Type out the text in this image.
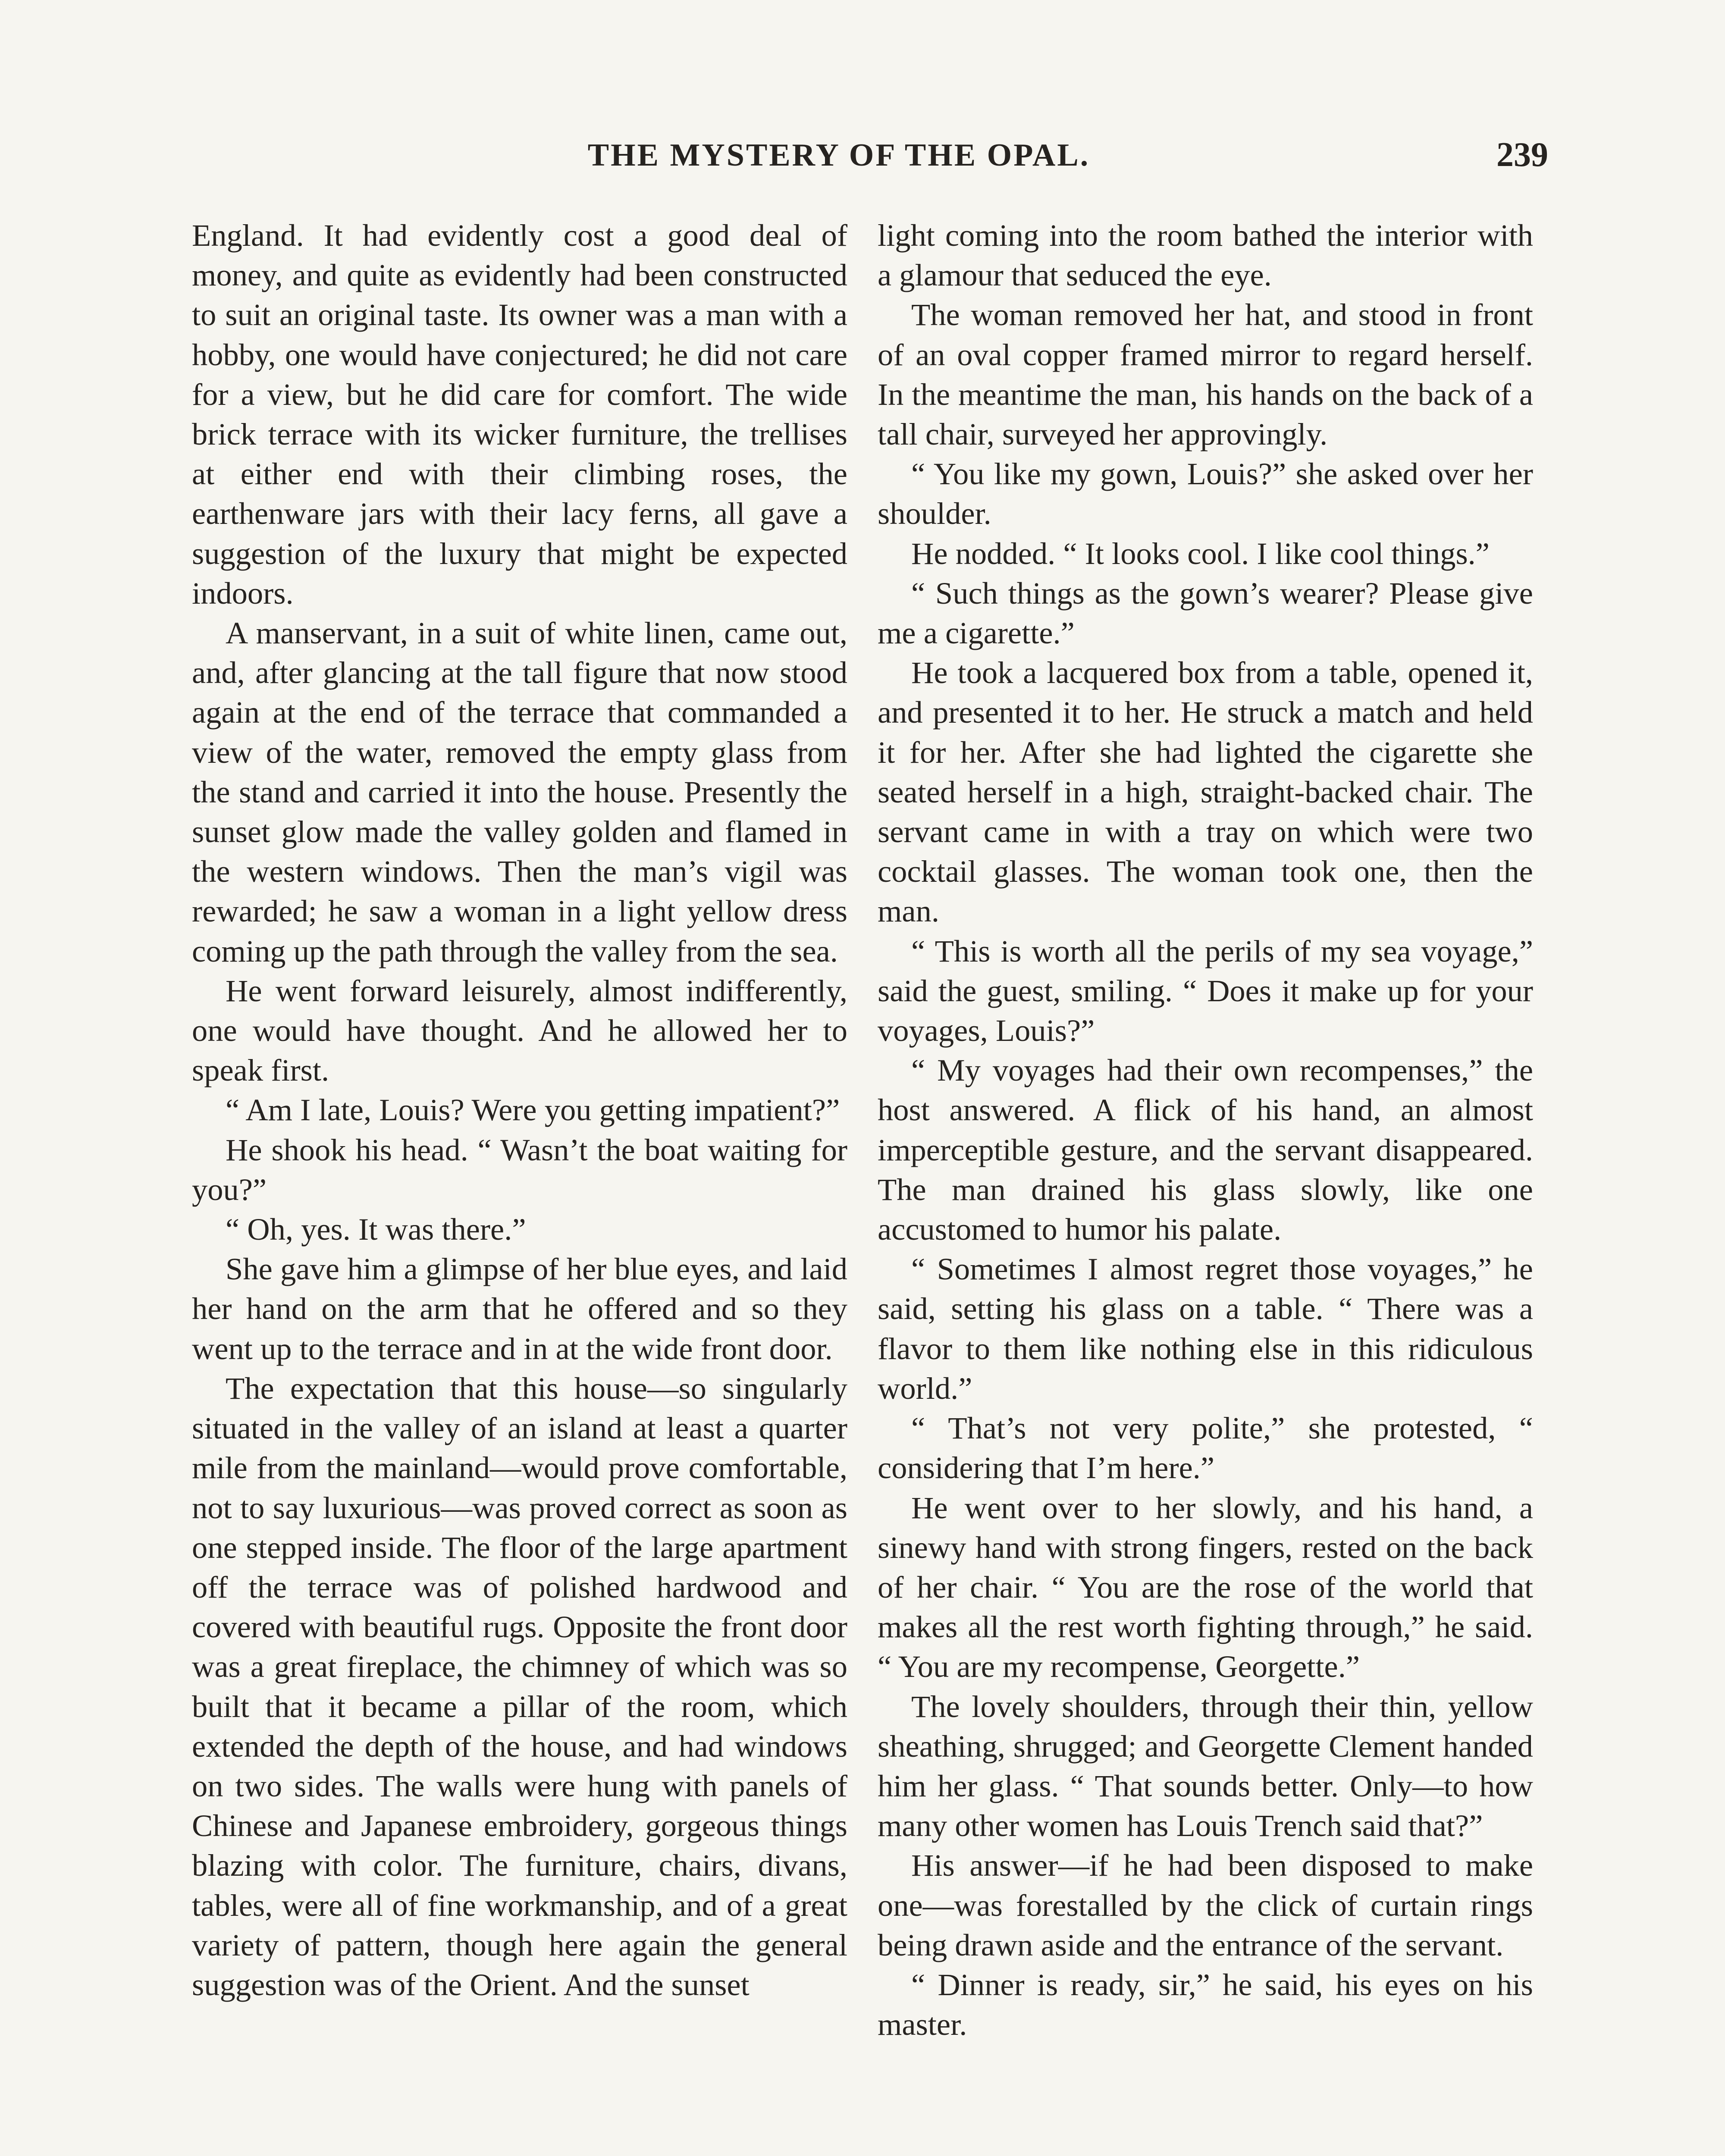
THE MYSTERY OF THE OPAL.	239

England. It had evidently cost a good deal of money, and quite as evidently had been constructed to suit an original taste. Its owner was a man with a hobby, one would have conjectured; he did not care for a view, but he did care for comfort. The wide brick terrace with its wicker furniture, the trellises at either end with their climbing roses, the earthenware jars with their lacy ferns, all gave a suggestion of the luxury that might be expected indoors.

A manservant, in a suit of white linen, came out, and, after glancing at the tall figure that now stood again at the end of the terrace that commanded a view of the water, removed the empty glass from the stand and carried it into the house. Presently the sunset glow made the valley golden and flamed in the western windows. Then the man’s vigil was rewarded; he saw a woman in a light yellow dress coming up the path through the valley from the sea.

He went forward leisurely, almost indifferently, one would have thought. And he allowed her to speak first.

“ Am I late, Louis? Were you getting impatient?”

He shook his head. “ Wasn’t the boat waiting for you?”

“ Oh, yes. It was there.”

She gave him a glimpse of her blue eyes, and laid her hand on the arm that he offered and so they went up to the terrace and in at the wide front door.

The expectation that this house—so singularly situated in the valley of an island at least a quarter mile from the mainland—would prove comfortable, not to say luxurious—was proved correct as soon as one stepped inside. The floor of the large apartment off the terrace was of polished hardwood and covered with beautiful rugs. Opposite the front door was a great fireplace, the chimney of which was so built that it became a pillar of the room, which extended the depth of the house, and had windows on two sides. The walls were hung with panels of Chinese and Japanese embroidery, gorgeous things blazing with color. The furniture, chairs, divans, tables, were all of fine workmanship, and of a great variety of pattern, though here again the general suggestion was of the Orient. And the sunset

light coming into the room bathed the interior with a glamour that seduced the eye.

The woman removed her hat, and stood in front of an oval copper framed mirror to regard herself. In the meantime the man, his hands on the back of a tall chair, surveyed her approvingly.

“ You like my gown, Louis?” she asked over her shoulder.

He nodded. “ It looks cool. I like cool things.”

“ Such things as the gown’s wearer? Please give me a cigarette.”

He took a lacquered box from a table, opened it, and presented it to her. He struck a match and held it for her. After she had lighted the cigarette she seated herself in a high, straight-backed chair. The servant came in with a tray on which were two cocktail glasses. The woman took one, then the man.

“ This is worth all the perils of my sea voyage,” said the guest, smiling. “ Does it make up for your voyages, Louis?”

“ My voyages had their own recompenses,” the host answered. A flick of his hand, an almost imperceptible gesture, and the servant disappeared. The man drained his glass slowly, like one accustomed to humor his palate.

“ Sometimes I almost regret those voyages,” he said, setting his glass on a table. “ There was a flavor to them like nothing else in this ridiculous world.”

“ That’s not very polite,” she protested, “ considering that I’m here.”

He went over to her slowly, and his hand, a sinewy hand with strong fingers, rested on the back of her chair. “ You are the rose of the world that makes all the rest worth fighting through,” he said. “ You are my recompense, Georgette.”

The lovely shoulders, through their thin, yellow sheathing, shrugged; and Georgette Clement handed him her glass. “ That sounds better. Only—to how many other women has Louis Trench said that?”

His answer—if he had been disposed to make one—was forestalled by the click of curtain rings being drawn aside and the entrance of the servant.

“ Dinner is ready, sir,” he said, his eyes on his master.
